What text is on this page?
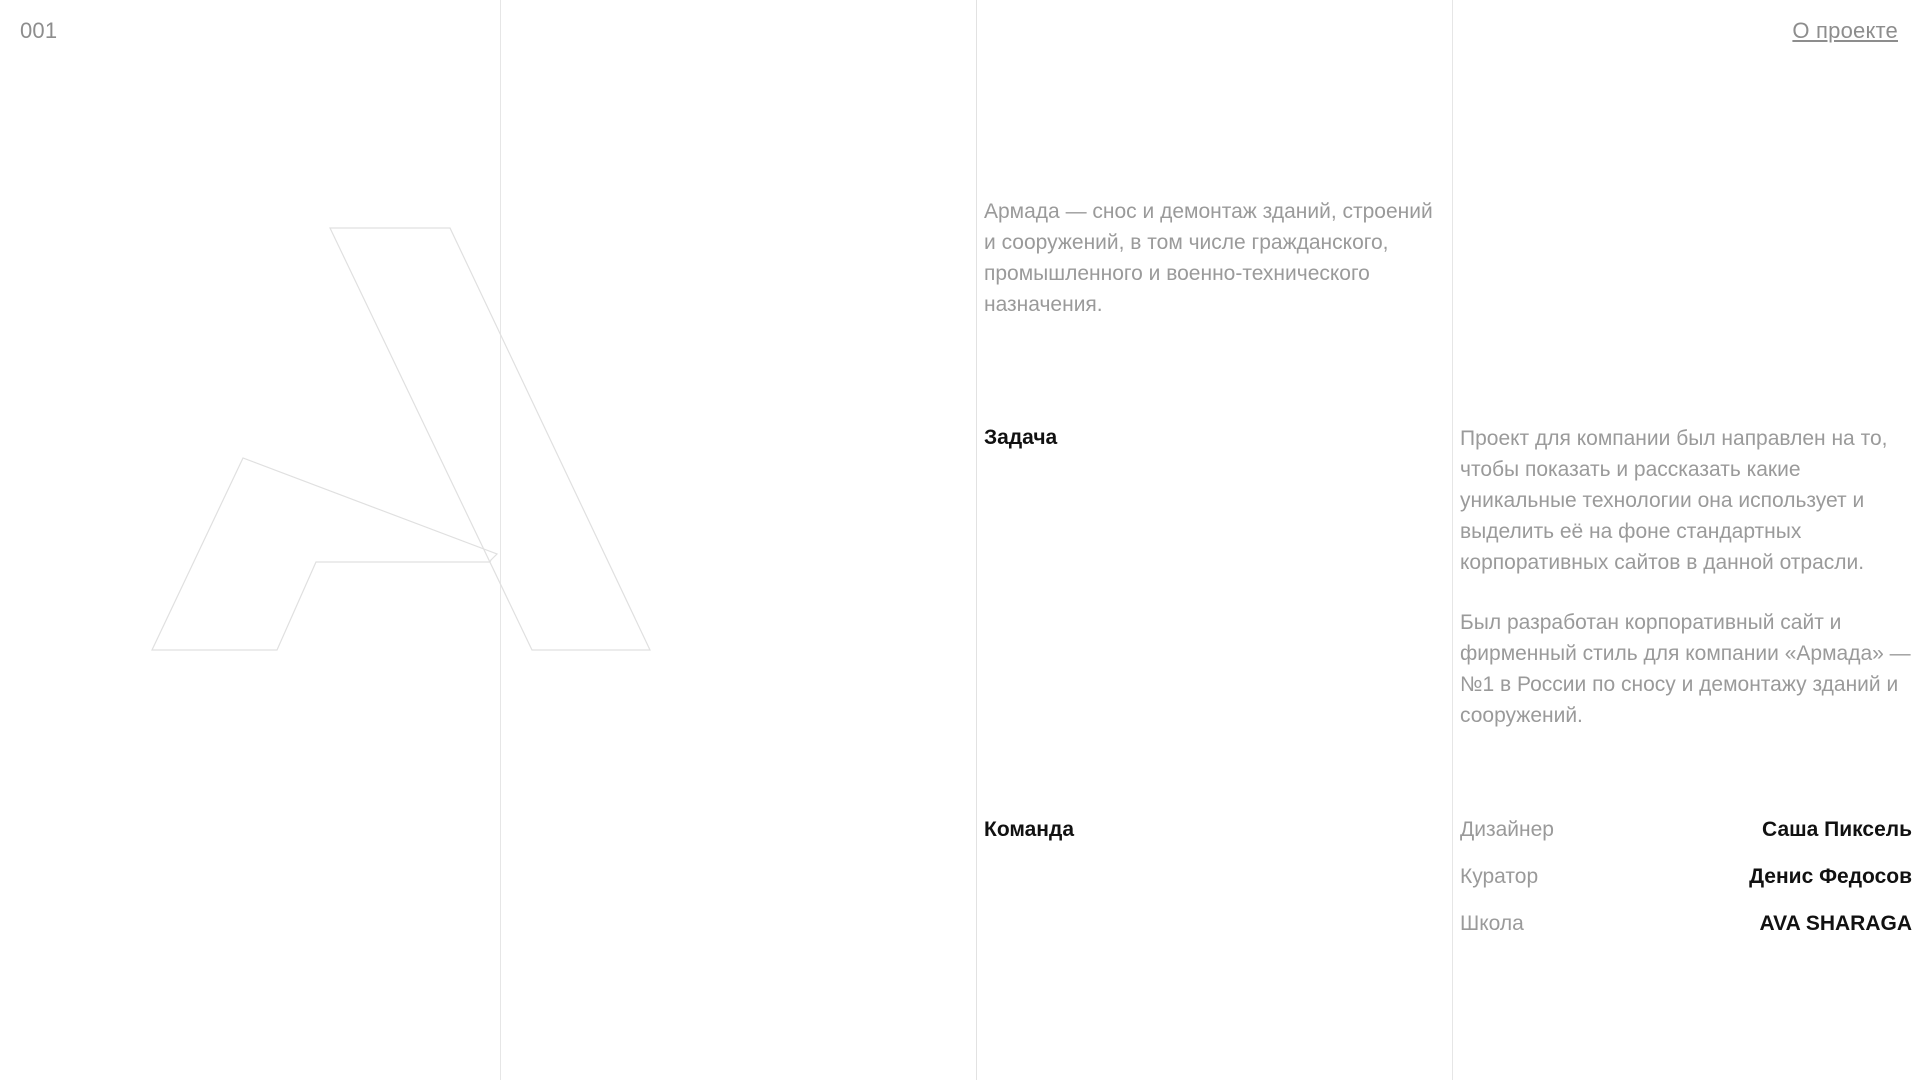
001	О проекте
Армада — снос и демонтаж зданий, строений и сооружений, в том числе гражданского, промышленного и военно-технического назначения.
Задача	Проект для компании был направлен на то, чтобы показать и рассказать какие уникальные технологии она использует и выделить её на фоне стандартных корпоративных сайтов в данной отрасли.

Был разработан корпоративный сайт и фирменный стиль для компании «Армада» — №1 в России по сносу и демонтажу зданий и сооружений.

Команда	Дизайнер	Саша Пиксель
Куратор	Денис Федосов
Школа	AVA SHARAGA
